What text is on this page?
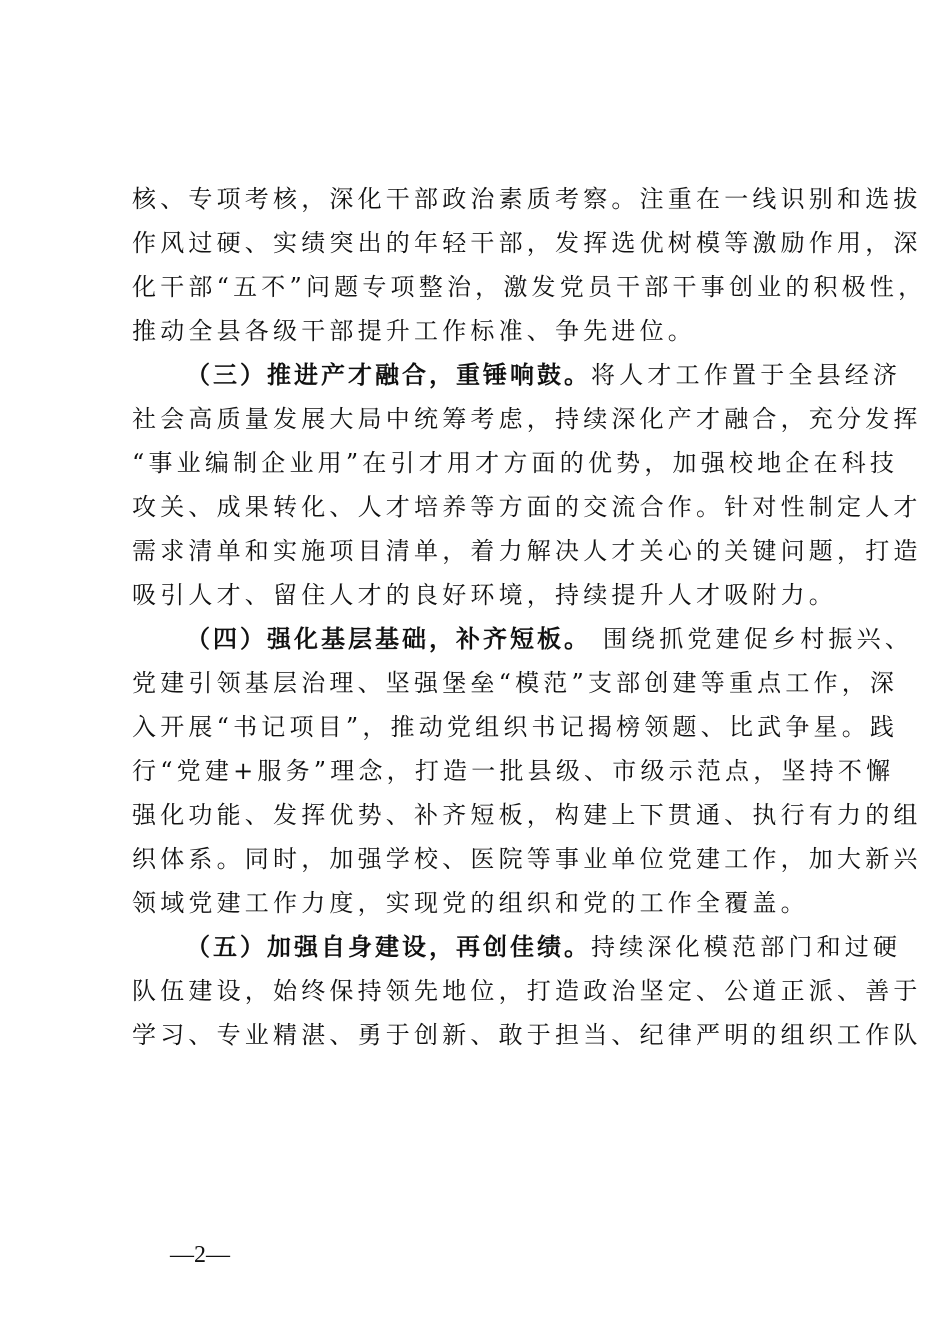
核、专项考核，深化干部政治素质考察。注重在一线识别和选拔
作风过硬、实绩突出的年轻干部，发挥选优树模等激励作用，深
化干部“五不”问题专项整治，激发党员干部干事创业的积极性，
推动全县各级干部提升工作标准、争先进位。
（三）推进产才融合，重锤响鼓。将人才工作置于全县经济
社会高质量发展大局中统筹考虑，持续深化产才融合，充分发挥
“事业编制企业用”在引才用才方面的优势，加强校地企在科技
攻关、成果转化、人才培养等方面的交流合作。针对性制定人才
需求清单和实施项目清单，着力解决人才关心的关键问题，打造
吸引人才、留住人才的良好环境，持续提升人才吸附力。
（四）强化基层基础，补齐短板。 围绕抓党建促乡村振兴、
党建引领基层治理、坚强堡垒“模范”支部创建等重点工作，深
入开展“书记项目”，推动党组织书记揭榜领题、比武争星。践
行“党建+服务”理念，打造一批县级、市级示范点，坚持不懈
强化功能、发挥优势、补齐短板，构建上下贯通、执行有力的组
织体系。同时，加强学校、医院等事业单位党建工作，加大新兴
领域党建工作力度，实现党的组织和党的工作全覆盖。
（五）加强自身建设，再创佳绩。持续深化模范部门和过硬
队伍建设，始终保持领先地位，打造政治坚定、公道正派、善于
学习、专业精湛、勇于创新、敢于担当、纪律严明的组织工作队
—2—
